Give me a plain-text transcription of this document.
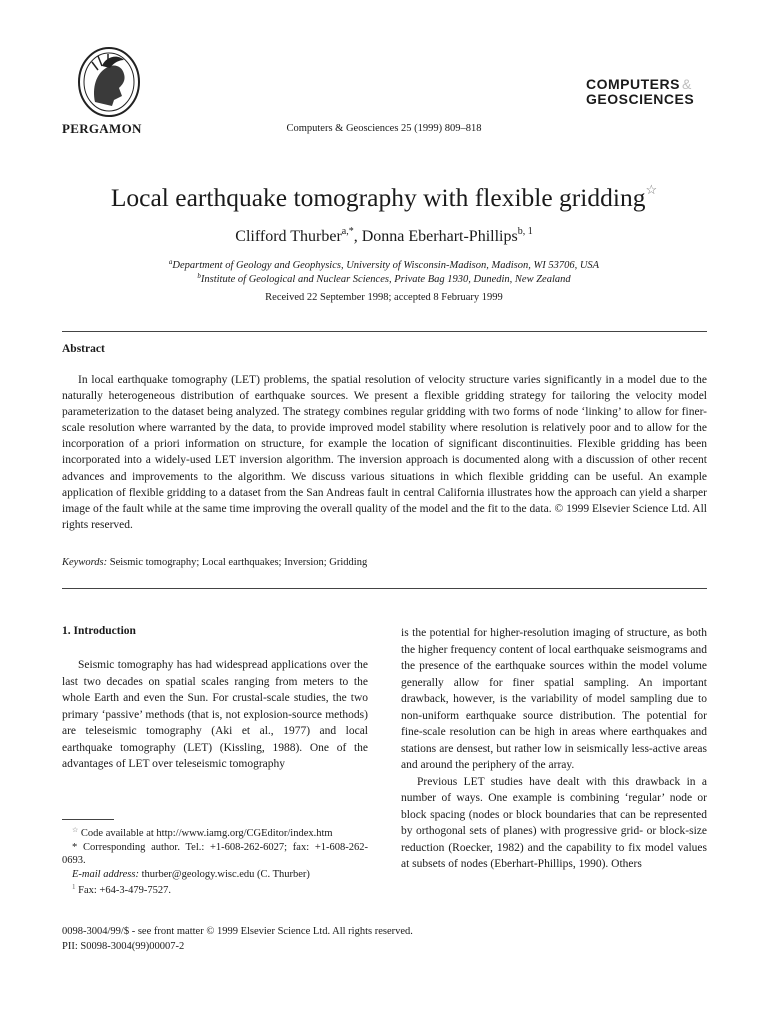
PERGAMON	Computers & Geosciences 25 (1999) 809–818
COMPUTERS &
GEOSCIENCES
Local earthquake tomography with flexible gridding☆
Clifford Thurber$^{a,*}$, Donna Eberhart-Phillips$^{b, 1}$
$^a$Department of Geology and Geophysics, University of Wisconsin-Madison, Madison, WI 53706, USA
$^b$Institute of Geological and Nuclear Sciences, Private Bag 1930, Dunedin, New Zealand
Received 22 September 1998; accepted 8 February 1999
Abstract

In local earthquake tomography (LET) problems, the spatial resolution of velocity structure varies significantly in a model due to the naturally heterogeneous distribution of earthquake sources. We present a flexible gridding strategy for tailoring the velocity model parameterization to the dataset being analyzed. The strategy combines regular gridding with two forms of node ‘linking’ to allow for finer-scale resolution where warranted by the data, to provide improved model stability where resolution is relatively poor and to allow for the incorporation of a priori information on structure, for example the location of significant discontinuities. Flexible gridding has been incorporated into a widely-used LET inversion algorithm. The inversion approach is documented along with a discussion of other recent advances and improvements to the algorithm. We discuss various situations in which flexible gridding can be useful. An example application of flexible gridding to a dataset from the San Andreas fault in central California illustrates how the approach can yield a sharper image of the fault while at the same time improving the overall quality of the model and the fit to the data. © 1999 Elsevier Science Ltd. All rights reserved.

Keywords: Seismic tomography; Local earthquakes; Inversion; Gridding
1. Introduction

Seismic tomography has had widespread applications over the last two decades on spatial scales ranging from meters to the whole Earth and even the Sun. For crustal-scale studies, the two primary ‘passive’ methods (that is, not explosion-source methods) are teleseismic tomography (Aki et al., 1977) and local earthquake tomography (LET) (Kissling, 1988). One of the advantages of LET over teleseismic tomography

is the potential for higher-resolution imaging of structure, as both the higher frequency content of local earthquake seismograms and the presence of the earthquake sources within the model volume generally allow for finer spatial sampling. An important drawback, however, is the variability of model sampling due to non-uniform earthquake source distribution. The potential for fine-scale resolution can be high in areas where earthquakes and stations are densest, but rather low in seismically less-active areas and around the periphery of the array.

Previous LET studies have dealt with this drawback in a number of ways. One example is combining ‘regular’ node or block spacing (nodes or block boundaries that can be represented by orthogonal sets of planes) with progressive grid- or block-size reduction (Roecker, 1982) and the capability to fix model values at subsets of nodes (Eberhart-Phillips, 1990). Others

☆ Code available at http://www.iamg.org/CGEditor/index.htm

* Corresponding author. Tel.: +1-608-262-6027; fax: +1-608-262-0693.

E-mail address: thurber@geology.wisc.edu (C. Thurber)

$^1$ Fax: +64-3-479-7527.

0098-3004/99/$ - see front matter © 1999 Elsevier Science Ltd. All rights reserved.
PII: S0098-3004(99)00007-2
